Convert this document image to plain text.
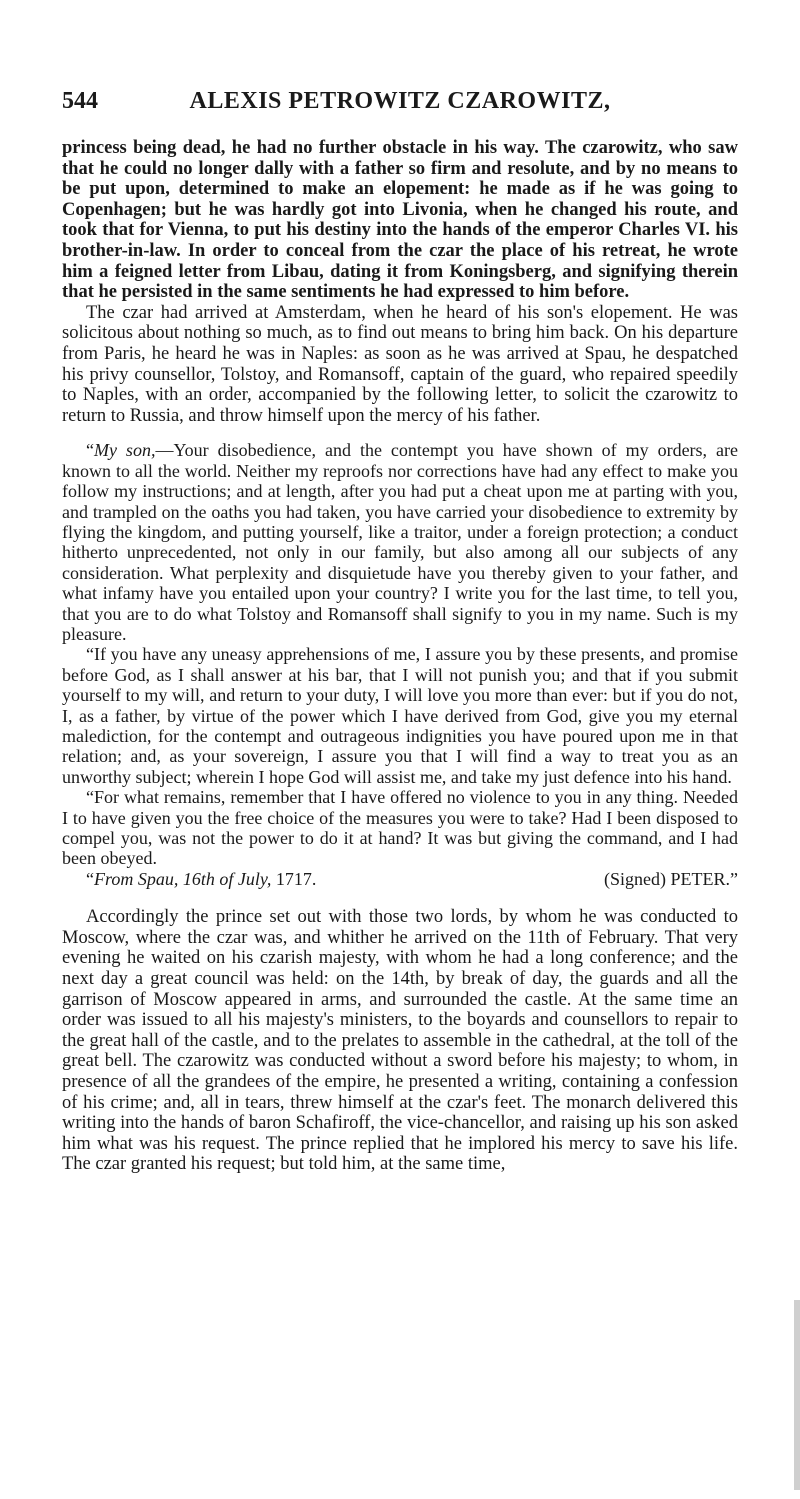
544	ALEXIS PETROWITZ CZAROWITZ,

princess being dead, he had no further obstacle in his way. The czarowitz, who saw that he could no longer dally with a father so firm and resolute, and by no means to be put upon, determined to make an elopement: he made as if he was going to Copenhagen; but he was hardly got into Livonia, when he changed his route, and took that for Vienna, to put his destiny into the hands of the emperor Charles VI. his brother-in-law. In order to conceal from the czar the place of his retreat, he wrote him a feigned letter from Libau, dating it from Koningsberg, and signifying therein that he persisted in the same sentiments he had expressed to him before.

The czar had arrived at Amsterdam, when he heard of his son's elopement. He was solicitous about nothing so much, as to find out means to bring him back. On his departure from Paris, he heard he was in Naples: as soon as he was arrived at Spau, he despatched his privy counsellor, Tolstoy, and Romansoff, captain of the guard, who repaired speedily to Naples, with an order, accompanied by the following letter, to solicit the czarowitz to return to Russia, and throw himself upon the mercy of his father.

“My son,—Your disobedience, and the contempt you have shown of my orders, are known to all the world. Neither my reproofs nor corrections have had any effect to make you follow my instructions; and at length, after you had put a cheat upon me at parting with you, and trampled on the oaths you had taken, you have carried your disobedience to extremity by flying the kingdom, and putting yourself, like a traitor, under a foreign protection; a conduct hitherto unprecedented, not only in our family, but also among all our subjects of any consideration. What perplexity and disquietude have you thereby given to your father, and what infamy have you entailed upon your country? I write you for the last time, to tell you, that you are to do what Tolstoy and Romansoff shall signify to you in my name. Such is my pleasure.

“If you have any uneasy apprehensions of me, I assure you by these presents, and promise before God, as I shall answer at his bar, that I will not punish you; and that if you submit yourself to my will, and return to your duty, I will love you more than ever: but if you do not, I, as a father, by virtue of the power which I have derived from God, give you my eternal malediction, for the contempt and outrageous indignities you have poured upon me in that relation; and, as your sovereign, I assure you that I will find a way to treat you as an unworthy subject; wherein I hope God will assist me, and take my just defence into his hand.

“For what remains, remember that I have offered no violence to you in any thing. Needed I to have given you the free choice of the measures you were to take? Had I been disposed to compel you, was not the power to do it at hand? It was but giving the command, and I had been obeyed.

“From Spau, 16th of July, 1717.	(Signed) PETER.”

Accordingly the prince set out with those two lords, by whom he was conducted to Moscow, where the czar was, and whither he arrived on the 11th of February. That very evening he waited on his czarish majesty, with whom he had a long conference; and the next day a great council was held: on the 14th, by break of day, the guards and all the garrison of Moscow appeared in arms, and surrounded the castle. At the same time an order was issued to all his majesty's ministers, to the boyards and counsellors to repair to the great hall of the castle, and to the prelates to assemble in the cathedral, at the toll of the great bell. The czarowitz was conducted without a sword before his majesty; to whom, in presence of all the grandees of the empire, he presented a writing, containing a confession of his crime; and, all in tears, threw himself at the czar's feet. The monarch delivered this writing into the hands of baron Schafiroff, the vice-chancellor, and raising up his son asked him what was his request. The prince replied that he implored his mercy to save his life. The czar granted his request; but told him, at the same time,
